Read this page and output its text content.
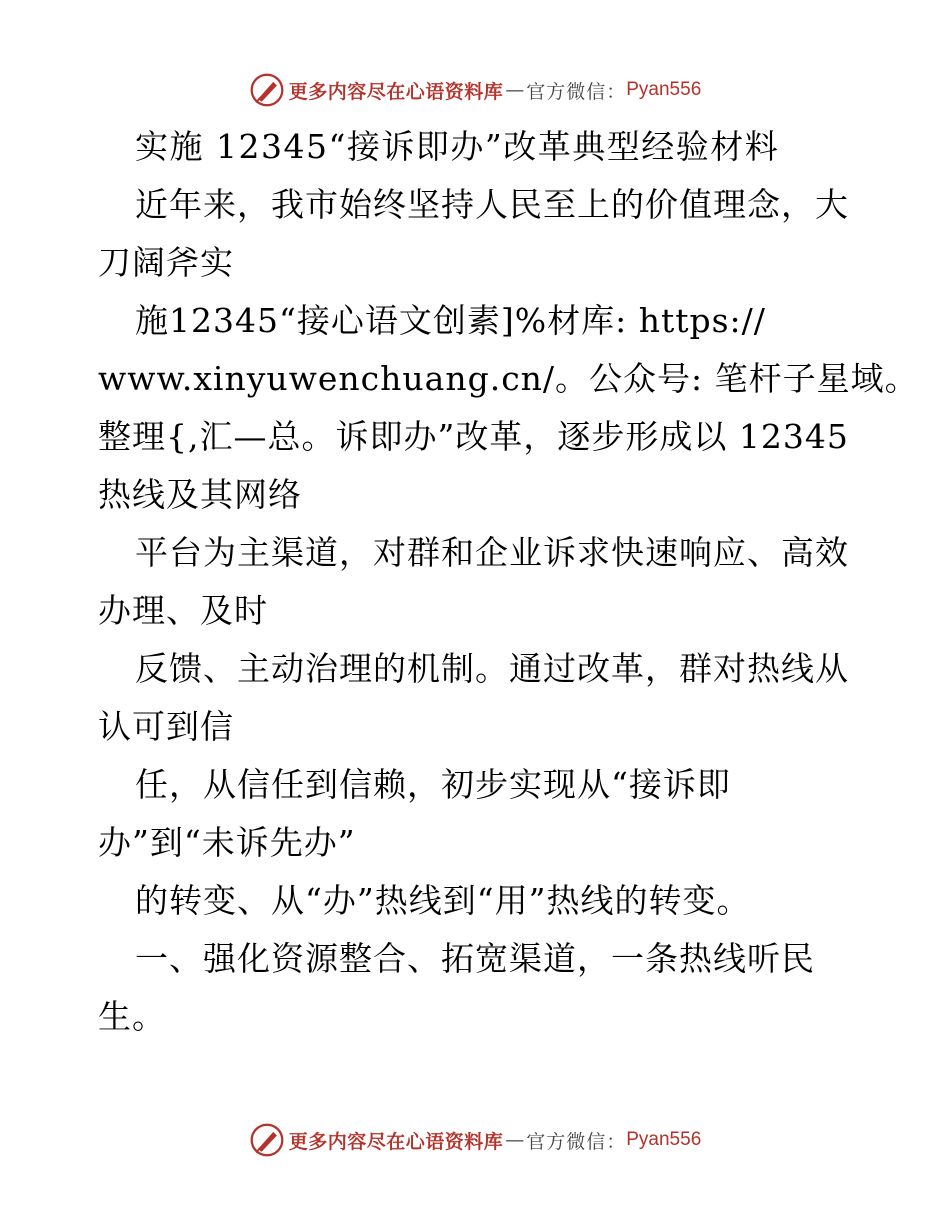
更多内容尽在心语资料库 — 官方微信： Pyan556
实施 12345“接诉即办”改革典型经验材料
近年来，我市始终坚持人民至上的价值理念，大
刀阔斧实
施12345“接心语文创素]%材库: https://
www.xinyuwenchuang.cn/。公众号: 笔杆子星域。
整理{,汇—总。诉即办”改革，逐步形成以 12345
热线及其网络
平台为主渠道，对群和企业诉求快速响应、高效
办理、及时
反馈、主动治理的机制。通过改革，群对热线从
认可到信
任，从信任到信赖，初步实现从“接诉即
办”到“未诉先办”
的转变、从“办”热线到“用”热线的转变。
一、强化资源整合、拓宽渠道，一条热线听民
生。
更多内容尽在心语资料库 — 官方微信： Pyan556
